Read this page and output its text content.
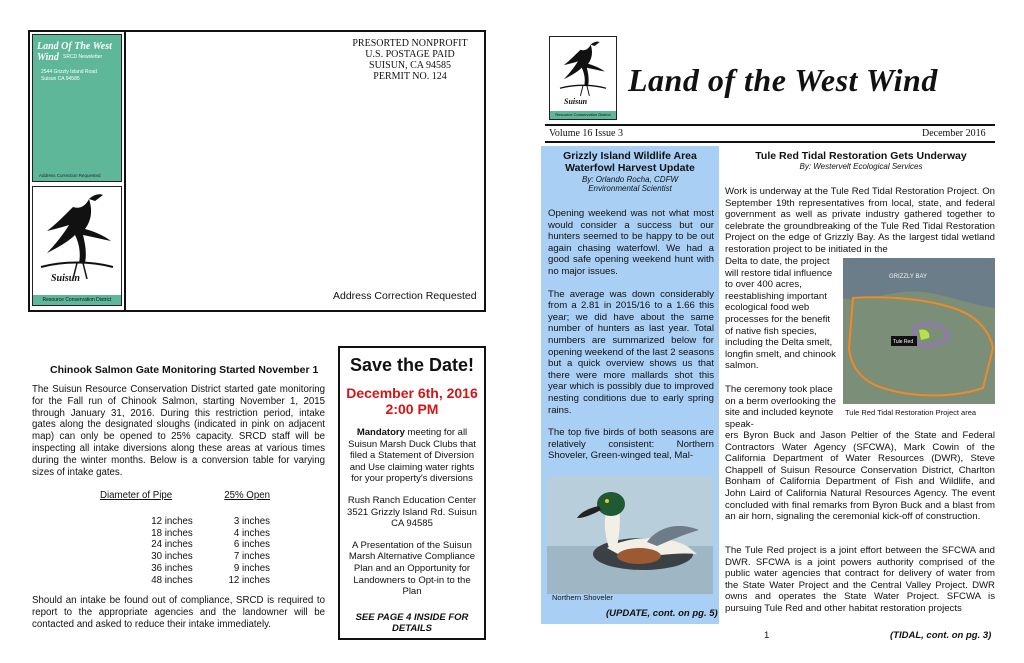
Land Of The West Wind SRCD Newsletter
2544 Grizzly Island Road
Suisun CA 94585
Address Correction Requested
Suisun
Resource Conservation District
PRESORTED NONPROFIT
U.S. POSTAGE PAID
SUISUN, CA 94585
PERMIT NO. 124
Address Correction Requested
Chinook Salmon Gate Monitoring Started November 1

The Suisun Resource Conservation District started gate monitoring for the Fall run of Chinook Salmon, starting November 1, 2015 through January 31, 2016. During this restriction period, intake gates along the designated sloughs (indicated in pink on adjacent map) can only be opened to 25% capacity. SRCD staff will be inspecting all intake diversions along these areas at various times during the winter months. Below is a conversion table for varying sizes of intake gates.

Diameter of Pipe	25% Open
12 inches	3 inches
18 inches	4 inches
24 inches	6 inches
30 inches	7 inches
36 inches	9 inches
48 inches	12 inches

Should an intake be found out of compliance, SRCD is required to report to the appropriate agencies and the landowner will be contacted and asked to reduce their intake immediately.

Save the Date!
December 6th, 2016
2:00 PM

Mandatory meeting for all Suisun Marsh Duck Clubs that filed a Statement of Diversion and Use claiming water rights for your property's diversions

Rush Ranch Education Center 3521 Grizzly Island Rd. Suisun CA 94585

A Presentation of the Suisun Marsh Alternative Compliance Plan and an Opportunity for Landowners to Opt-in to the Plan

SEE PAGE 4 INSIDE FOR DETAILS

Suisun
Resource Conservation District
Land of the West Wind
Volume 16 Issue 3	December 2016
Grizzly Island Wildlife Area Waterfowl Harvest Update
By: Orlando Rocha, CDFW
Environmental Scientist

Opening weekend was not what most would consider a success but our hunters seemed to be happy to be out again chasing waterfowl. We had a good safe opening weekend hunt with no major issues.

The average was down considerably from a 2.81 in 2015/16 to a 1.66 this year; we did have about the same number of hunters as last year. Total numbers are summarized below for opening weekend of the last 2 seasons but a quick overview shows us that there were more mallards shot this year which is possibly due to improved nesting conditions due to early spring rains.

The top five birds of both seasons are relatively consistent: Northern Shoveler, Green-winged teal, Mal-

Northern Shoveler
(UPDATE, cont. on pg. 5)
Tule Red Tidal Restoration Gets Underway
By: Westervelt Ecological Services

Work is underway at the Tule Red Tidal Restoration Project. On September 19th representatives from local, state, and federal government as well as private industry gathered together to celebrate the groundbreaking of the Tule Red Tidal Restoration Project on the edge of Grizzly Bay. As the largest tidal wetland restoration project to be initiated in the

Delta to date, the project will restore tidal influence to over 400 acres, reestablishing important ecological food web processes for the benefit of native fish species, including the Delta smelt, longfin smelt, and chinook salmon.

The ceremony took place on a berm overlooking the site and included keynote speak-

ers Byron Buck and Jason Peltier of the State and Federal Contractors Water Agency (SFCWA), Mark Cowin of the California Department of Water Resources (DWR), Steve Chappell of Suisun Resource Conservation District, Charlton Bonham of California Department of Fish and Wildlife, and John Laird of California Natural Resources Agency. The event concluded with final remarks from Byron Buck and a blast from an air horn, signaling the ceremonial kick-off of construction.

The Tule Red project is a joint effort between the SFCWA and DWR. SFCWA is a joint powers authority comprised of the public water agencies that contract for delivery of water from the State Water Project and the Central Valley Project. DWR owns and operates the State Water Project. SFCWA is pursuing Tule Red and other habitat restoration projects

GRIZZLY BAY
Tule Red
Tule Red Tidal Restoration Project area
1	(TIDAL, cont. on pg. 3)
